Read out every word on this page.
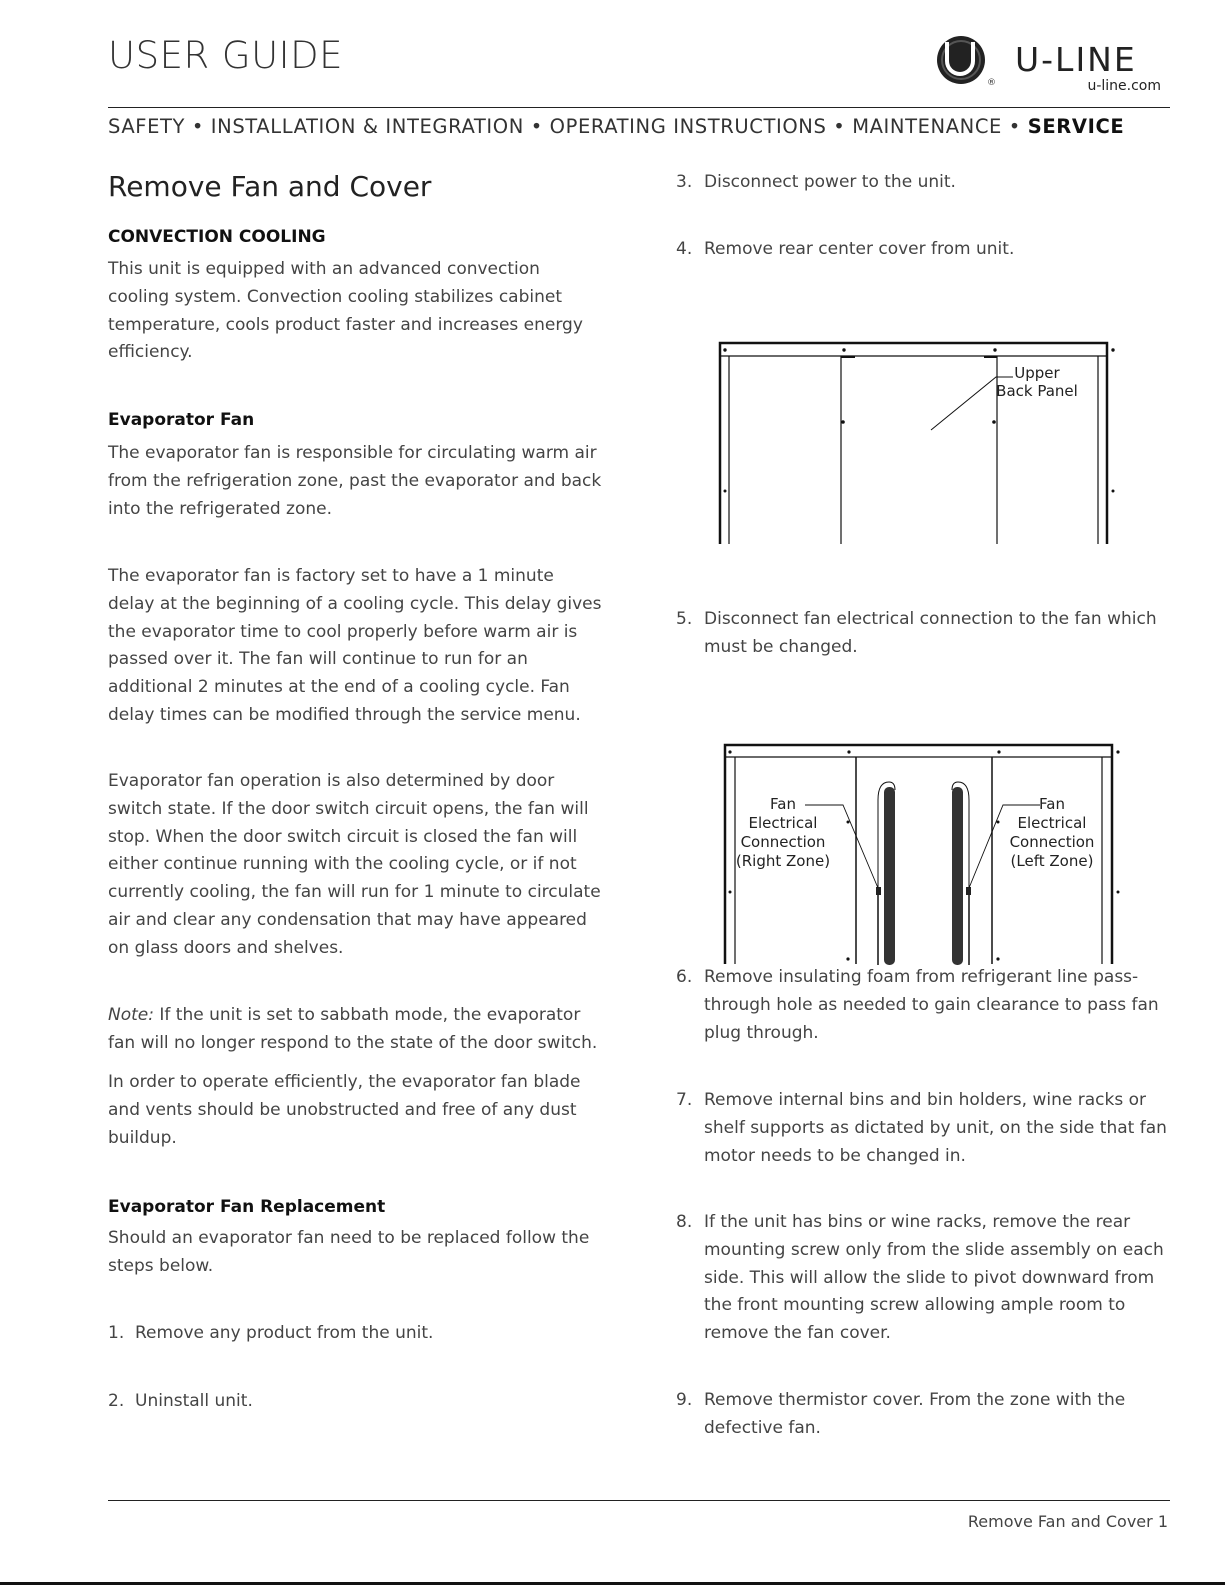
USER GUIDE
®
U-LINE
u-line.com
SAFETY • INSTALLATION & INTEGRATION • OPERATING INSTRUCTIONS • MAINTENANCE • SERVICE
Remove Fan and Cover
CONVECTION COOLING
This unit is equipped with an advanced convection cooling system. Convection cooling stabilizes cabinet temperature, cools product faster and increases energy efficiency.
Evaporator Fan
The evaporator fan is responsible for circulating warm air from the refrigeration zone, past the evaporator and back into the refrigerated zone.
The evaporator fan is factory set to have a 1 minute delay at the beginning of a cooling cycle. This delay gives the evaporator time to cool properly before warm air is passed over it. The fan will continue to run for an additional 2 minutes at the end of a cooling cycle. Fan delay times can be modified through the service menu.
Evaporator fan operation is also determined by door switch state. If the door switch circuit opens, the fan will stop. When the door switch circuit is closed the fan will either continue running with the cooling cycle, or if not currently cooling, the fan will run for 1 minute to circulate air and clear any condensation that may have appeared on glass doors and shelves.
Note: If the unit is set to sabbath mode, the evaporator fan will no longer respond to the state of the door switch.
In order to operate efficiently, the evaporator fan blade and vents should be unobstructed and free of any dust buildup.
Evaporator Fan Replacement
Should an evaporator fan need to be replaced follow the steps below.
1. Remove any product from the unit.
2. Uninstall unit.
3. Disconnect power to the unit.
4. Remove rear center cover from unit.
Upper
Back Panel
5. Disconnect fan electrical connection to the fan which must be changed.
Fan
Electrical
Connection
(Right Zone)
Fan
Electrical
Connection
(Left Zone)
6. Remove insulating foam from refrigerant line pass-through hole as needed to gain clearance to pass fan plug through.
7. Remove internal bins and bin holders, wine racks or shelf supports as dictated by unit, on the side that fan motor needs to be changed in.
8. If the unit has bins or wine racks, remove the rear mounting screw only from the slide assembly on each side. This will allow the slide to pivot downward from the front mounting screw allowing ample room to remove the fan cover.
9. Remove thermistor cover. From the zone with the defective fan.
Remove Fan and Cover 1
